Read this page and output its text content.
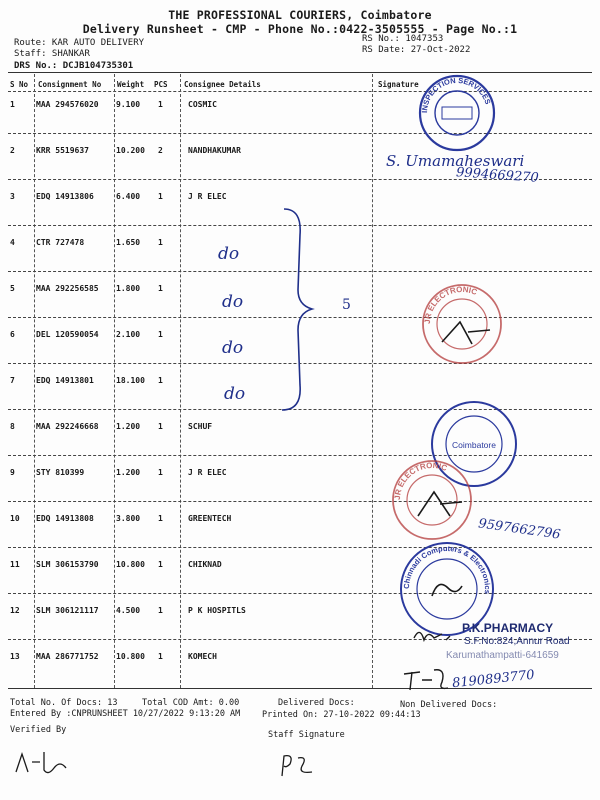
THE PROFESSIONAL COURIERS, Coimbatore
Delivery Runsheet - CMP - Phone No.:0422-3505555 - Page No.:1
Route: KAR AUTO DELIVERY
Staff: SHANKAR
DRS No.: DCJB104735301
RS No.: 1047353
RS Date: 27-Oct-2022
S No Consignment No Weight PCS Consignee Details	Signature
1	MAA 294576020 9.100 1	COSMIC
2	KRR 5519637	10.200 2	NANDHAKUMAR
3	EDQ 14913806	6.400 1	J R ELEC
4	CTR 727478	1.650 1
5	MAA 292256585 1.800 1
6	DEL 120590054 2.100 1
7	EDQ 14913801	18.100 1
8	MAA 292246668 1.200 1	SCHUF
9	STY 810399	1.200 1	J R ELEC
10 EDQ 14913808	3.800 1	GREENTECH
11 SLM 306153790 10.800 1	CHIKNAD
12 SLM 306121117 4.500 1	P K HOSPITLS
13 MAA 286771752 10.800 1	KOMECH
do
do
do
do
5
S. Umamaheswari
9994669270
INSPECTION SERVICES
JR ELECTRONIC
Coimbatore
JR ELECTRONIC
9597662796
Chinnadi Computers & Electronics
P.K.PHARMACY
S.F.No:824,Annur Road
Karumathampatti-641659
8190893770
Total No. Of Docs: 13	Total COD Amt: 0.00	Delivered Docs:	Non Delivered Docs:
Entered By :CNPRUNSHEET 10/27/2022 9:13:20 AM	Printed On: 27-10-2022 09:44:13
Verified By	Staff Signature
